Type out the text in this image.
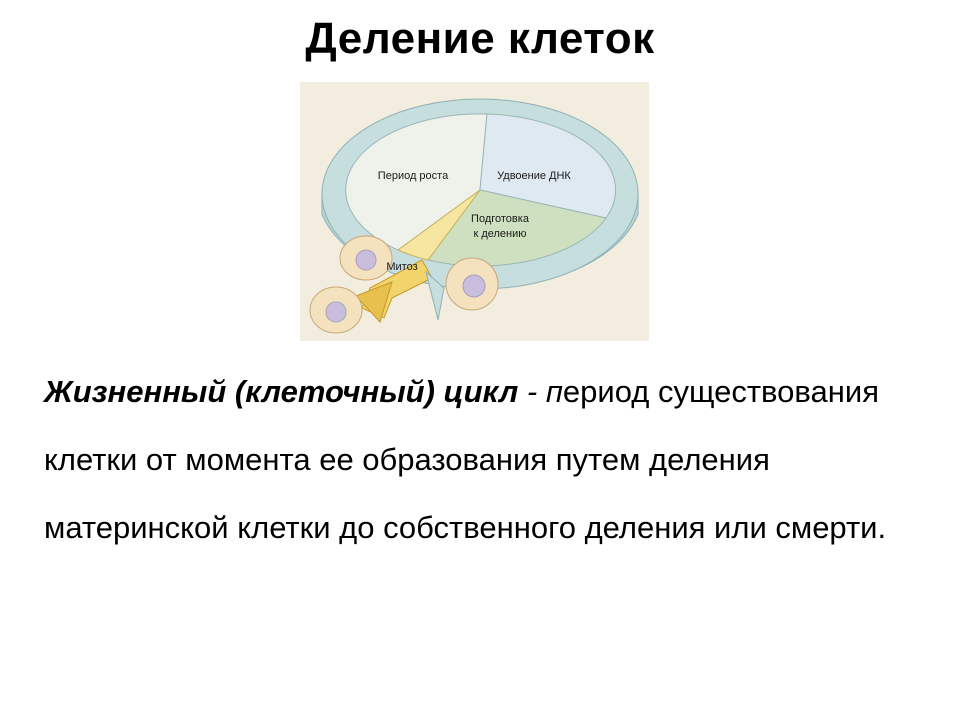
Деление клеток
Период роста	Удвоение ДНК
Подготовка
к делению
Митоз
Жизненный (клеточный) цикл - период существования клетки от момента ее образования путем деления материнской клетки до собственного деления или смерти.
